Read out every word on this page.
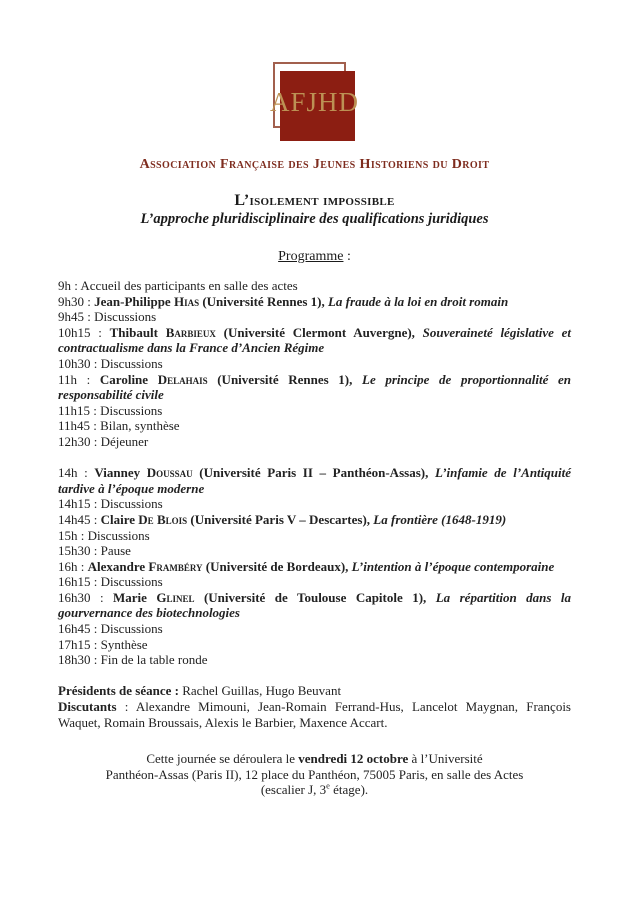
AFJHD
Association Française des Jeunes Historiens du Droit
L’isolement impossible
L’approche pluridisciplinaire des qualifications juridiques
Programme :
9h : Accueil des participants en salle des actes
9h30 : Jean-Philippe Hias (Université Rennes 1), La fraude à la loi en droit romain
9h45 : Discussions
10h15 : Thibault Barbieux (Université Clermont Auvergne), Souveraineté législative et contractualisme dans la France d’Ancien Régime
10h30 : Discussions
11h : Caroline Delahais (Université Rennes 1), Le principe de proportionnalité en responsabilité civile
11h15 : Discussions
11h45 : Bilan, synthèse
12h30 : Déjeuner
14h : Vianney Doussau (Université Paris II – Panthéon-Assas), L’infamie de l’Antiquité tardive à l’époque moderne
14h15 : Discussions
14h45 : Claire De Blois (Université Paris V – Descartes), La frontière (1648-1919)
15h : Discussions
15h30 : Pause
16h : Alexandre Frambéry (Université de Bordeaux), L’intention à l’époque contemporaine
16h15 : Discussions
16h30 : Marie Glinel (Université de Toulouse Capitole 1), La répartition dans la gourvernance des biotechnologies
16h45 : Discussions
17h15 : Synthèse
18h30 : Fin de la table ronde
Présidents de séance : Rachel Guillas, Hugo Beuvant
Discutants : Alexandre Mimouni, Jean-Romain Ferrand-Hus, Lancelot Maygnan, François Waquet, Romain Broussais, Alexis le Barbier, Maxence Accart.
Cette journée se déroulera le vendredi 12 octobre à l’Université
Panthéon-Assas (Paris II), 12 place du Panthéon, 75005 Paris, en salle des Actes
(escalier J, 3e étage).
